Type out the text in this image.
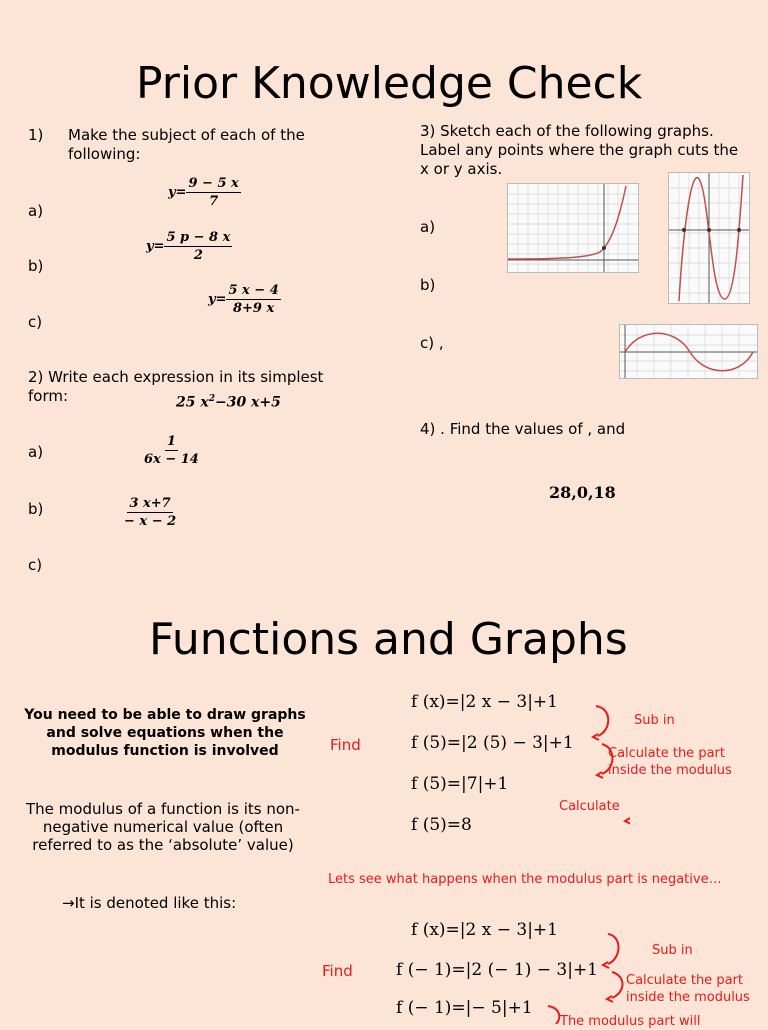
Prior Knowledge Check
1) Make the subject of each of the following:
$y= \frac{9 - 5 x}{7}$
a)
$y= \frac{5 p - 8 x}{2}$
b)
$y= \frac{5 x - 4}{8+9 x}$
c)
2) Write each expression in its simplest form:	25 $x^2-30$ x+5
$\frac{1}{6x - 14}$
a)
$\frac{3 x+7}{- x - 2}$
b)
c)
3) Sketch each of the following graphs. Label any points where the graph cuts the x or y axis.
a)
b)
c) ,
4) . Find the values of , and
28,0,18
Functions and Graphs
You need to be able to draw graphs and solve equations when the modulus function is involved
The modulus of a function is its non-negative numerical value (often referred to as the ‘absolute’ value)
→It is denoted like this:
Find
f (x)=|2 x − 3|+1
f (5)=|2 (5) − 3|+1
f (5)=|7|+1
f (5)=8
Sub in
Calculate the part inside the modulus
Calculate
Lets see what happens when the modulus part is negative…
Find
f (x)=|2 x − 3|+1
f (− 1)=|2 (− 1) − 3|+1
f (− 1)=|− 5|+1
Sub in
Calculate the part inside the modulus
The modulus part will
